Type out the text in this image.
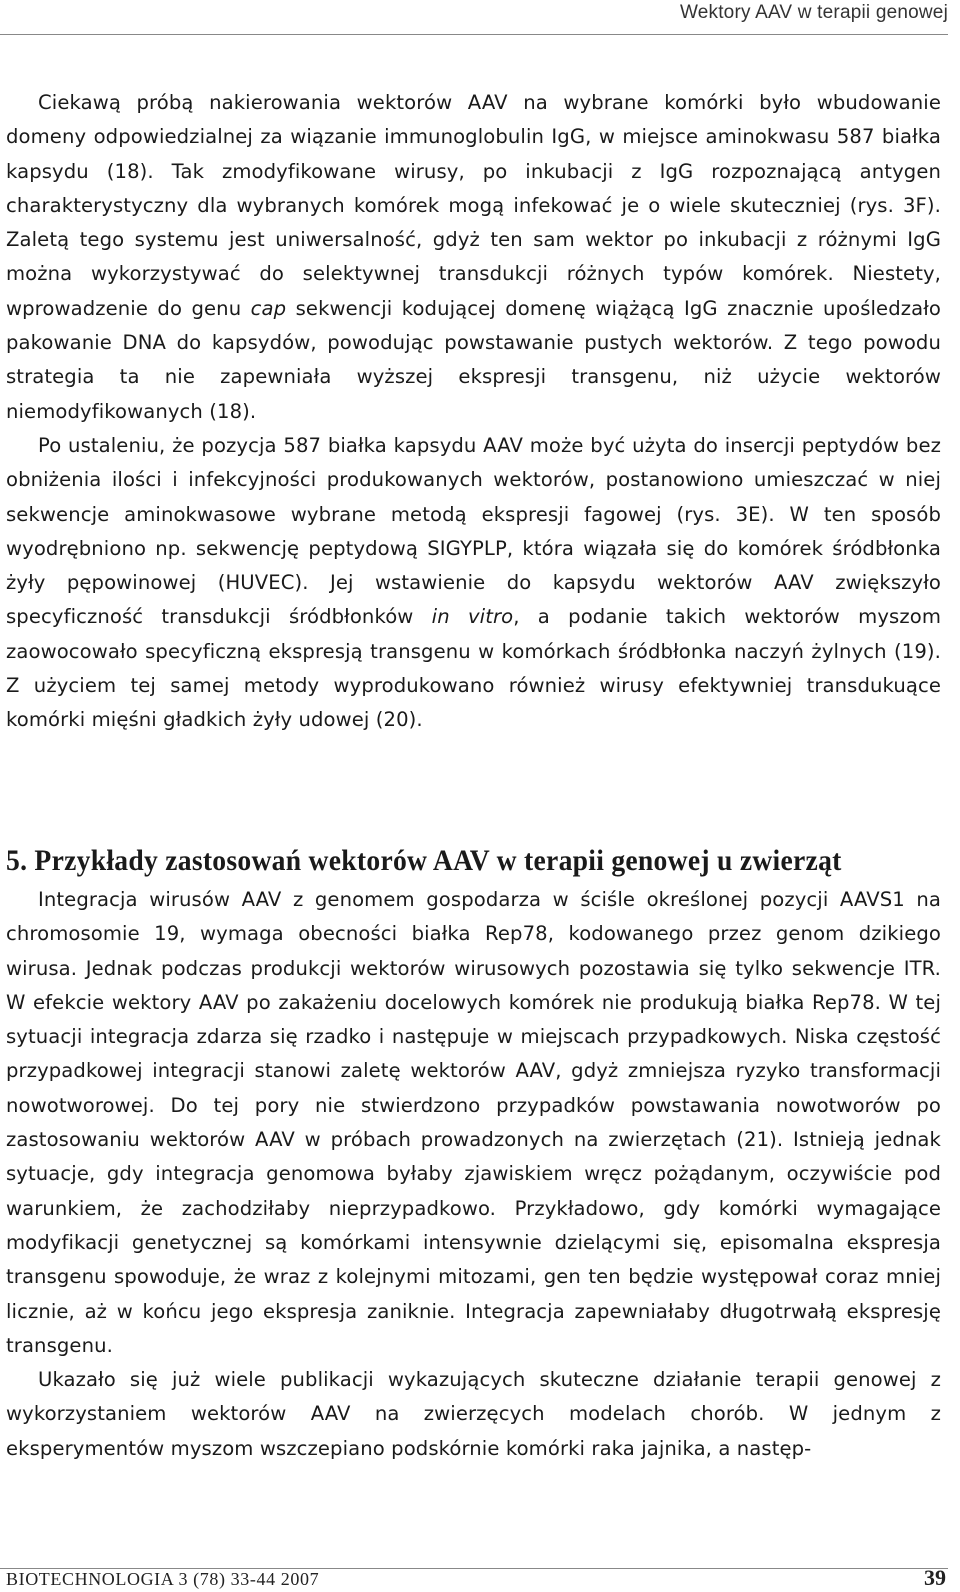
Wektory AAV w terapii genowej

Ciekawą próbą nakierowania wektorów AAV na wybrane komórki było wbudowanie domeny odpowiedzialnej za wiązanie immunoglobulin IgG, w miejsce aminokwasu 587 białka kapsydu (18). Tak zmodyfikowane wirusy, po inkubacji z IgG rozpoznającą antygen charakterystyczny dla wybranych komórek mogą infekować je o wiele skuteczniej (rys. 3F). Zaletą tego systemu jest uniwersalność, gdyż ten sam wektor po inkubacji z różnymi IgG można wykorzystywać do selektywnej transdukcji różnych typów komórek. Niestety, wprowadzenie do genu cap sekwencji kodującej domenę wiążącą IgG znacznie upośledzało pakowanie DNA do kapsydów, powodując powstawanie pustych wektorów. Z tego powodu strategia ta nie zapewniała wyższej ekspresji transgenu, niż użycie wektorów niemodyfikowanych (18).

Po ustaleniu, że pozycja 587 białka kapsydu AAV może być użyta do insercji peptydów bez obniżenia ilości i infekcyjności produkowanych wektorów, postanowiono umieszczać w niej sekwencje aminokwasowe wybrane metodą ekspresji fagowej (rys. 3E). W ten sposób wyodrębniono np. sekwencję peptydową SIGYPLP, która wiązała się do komórek śródbłonka żyły pępowinowej (HUVEC). Jej wstawienie do kapsydu wektorów AAV zwiększyło specyficzność transdukcji śródbłonków in vitro, a podanie takich wektorów myszom zaowocowało specyficzną ekspresją transgenu w komórkach śródbłonka naczyń żylnych (19). Z użyciem tej samej metody wyprodukowano również wirusy efektywniej transdukuące komórki mięśni gładkich żyły udowej (20).

5. Przykłady zastosowań wektorów AAV w terapii genowej u zwierząt

Integracja wirusów AAV z genomem gospodarza w ściśle określonej pozycji AAVS1 na chromosomie 19, wymaga obecności białka Rep78, kodowanego przez genom dzikiego wirusa. Jednak podczas produkcji wektorów wirusowych pozostawia się tylko sekwencje ITR. W efekcie wektory AAV po zakażeniu docelowych komórek nie produkują białka Rep78. W tej sytuacji integracja zdarza się rzadko i następuje w miejscach przypadkowych. Niska częstość przypadkowej integracji stanowi zaletę wektorów AAV, gdyż zmniejsza ryzyko transformacji nowotworowej. Do tej pory nie stwierdzono przypadków powstawania nowotworów po zastosowaniu wektorów AAV w próbach prowadzonych na zwierzętach (21). Istnieją jednak sytuacje, gdy integracja genomowa byłaby zjawiskiem wręcz pożądanym, oczywiście pod warunkiem, że zachodziłaby nieprzypadkowo. Przykładowo, gdy komórki wymagające modyfikacji genetycznej są komórkami intensywnie dzielącymi się, episomalna ekspresja transgenu spowoduje, że wraz z kolejnymi mitozami, gen ten będzie występował coraz mniej licznie, aż w końcu jego ekspresja zaniknie. Integracja zapewniałaby długotrwałą ekspresję transgenu.

Ukazało się już wiele publikacji wykazujących skuteczne działanie terapii genowej z wykorzystaniem wektorów AAV na zwierzęcych modelach chorób. W jednym z eksperymentów myszom wszczepiano podskórnie komórki raka jajnika, a następ-

BIOTECHNOLOGIA 3 (78) 33-44 2007	39
